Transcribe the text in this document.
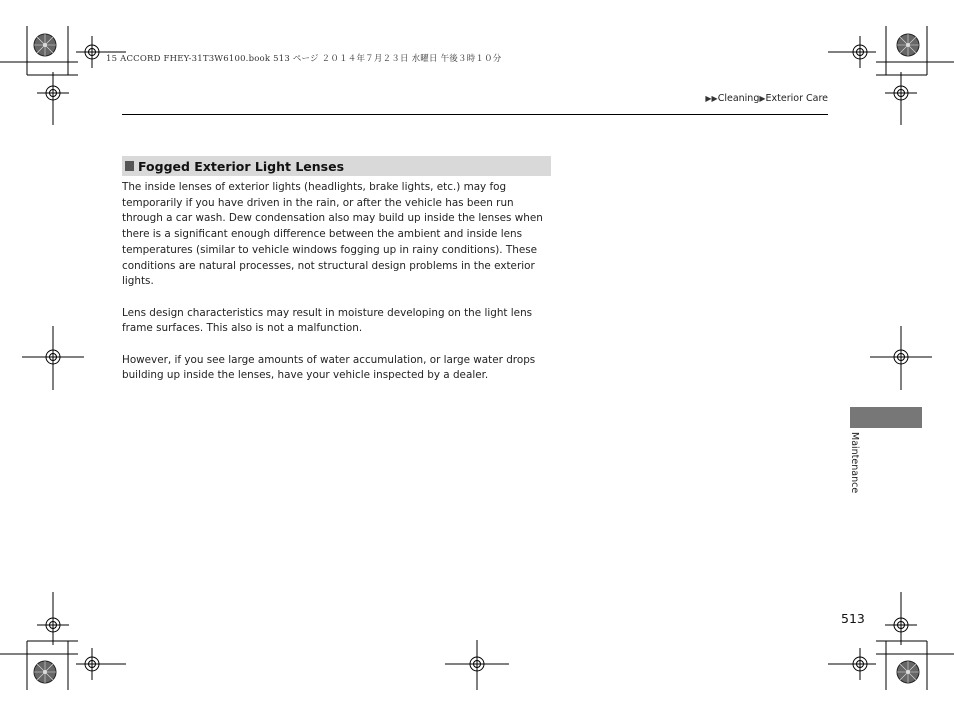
15 ACCORD FHEY-31T3W6100.book 513 ページ ２０１４年７月２３日 水曜日 午後３時１０分
▶▶Cleaning▶Exterior Care
Fogged Exterior Light Lenses

The inside lenses of exterior lights (headlights, brake lights, etc.) may fog temporarily if you have driven in the rain, or after the vehicle has been run through a car wash. Dew condensation also may build up inside the lenses when there is a significant enough difference between the ambient and inside lens temperatures (similar to vehicle windows fogging up in rainy conditions). These conditions are natural processes, not structural design problems in the exterior lights.

Lens design characteristics may result in moisture developing on the light lens frame surfaces. This also is not a malfunction.

However, if you see large amounts of water accumulation, or large water drops building up inside the lenses, have your vehicle inspected by a dealer.

Maintenance
513
